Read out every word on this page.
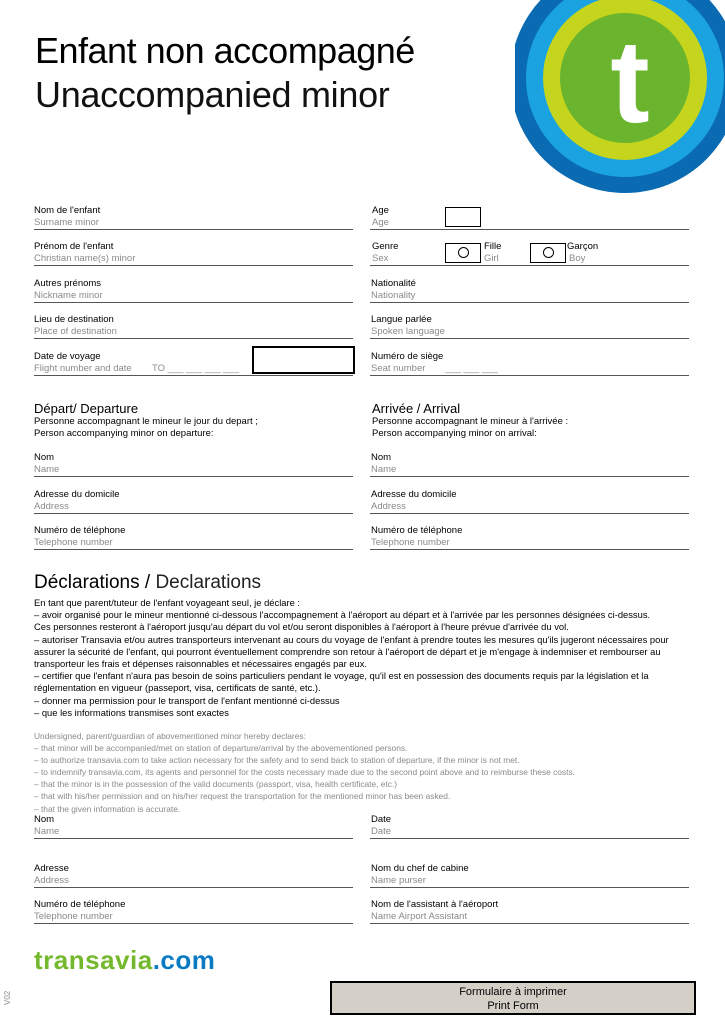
t
Enfant non accompagné
Unaccompanied minor
Nom de l'enfant
Surname minor
Age
Age
Prénom de l'enfant
Christian name(s) minor
Genre
Sex
Fille
Girl
Garçon
Boy
Autres prénoms
Nickname minor
Nationalité
Nationality
Lieu de destination
Place of destination
Langue parlée
Spoken language
Date de voyage
Flight number and date TO ___ ___ ___ ___
Numéro de siège
Seat number	___ ___ ___
Départ/ Departure
Personne accompagnant le mineur le jour du depart ;
Person accompanying minor on departure:
Arrivée / Arrival
Personne accompagnant le mineur à l'arrivée :
Person accompanying minor on arrival:
Nom
Name
Adresse du domicile
Address
Numéro de téléphone
Telephone number
Nom
Name
Adresse du domicile
Address
Numéro de téléphone
Telephone number
Déclarations / Declarations

En tant que parent/tuteur de l'enfant voyageant seul, je déclare :

– avoir organisé pour le mineur mentionné ci-dessous l'accompagnement à l'aéroport au départ et à l'arrivée par les personnes désignées ci-dessus.

Ces personnes resteront à l'aéroport jusqu'au départ du vol et/ou seront disponibles à l'aéroport à l'heure prévue d'arrivée du vol.

– autoriser Transavia et/ou autres transporteurs intervenant au cours du voyage de l'enfant à prendre toutes les mesures qu'ils jugeront nécessaires pour

assurer la sécurité de l'enfant, qui pourront éventuellement comprendre son retour à l'aéroport de départ et je m'engage à indemniser et rembourser au

transporteur les frais et dépenses raisonnables et nécessaires engagés par eux.

– certifier que l'enfant n'aura pas besoin de soins particuliers pendant le voyage, qu'il est en possession des documents requis par la législation et la

réglementation en vigueur (passeport, visa, certificats de santé, etc.).

– donner ma permission pour le transport de l'enfant mentionné ci-dessus

– que les informations transmises sont exactes

Undersigned, parent/guardian of abovementioned minor hereby declares:

– that minor will be accompanied/met on station of departure/arrival by the abovementioned persons.

– to authorize transavia.com to take action necessary for the safety and to send back to station of departure, if the minor is not met.

– to indemnify transavia.com, its agents and personnel for the costs necessary made due to the second point above and to reimburse these costs.

– that the minor is in the possession of the valid documents (passport, visa, health certificate, etc.)

– that with his/her permission and on his/her request the transportation for the mentioned minor has been asked.

– that the given information is accurate.

Nom
Name
Date
Date
Adresse
Address
Nom du chef de cabine
Name purser
Numéro de téléphone
Telephone number
Nom de l'assistant à l'aéroport
Name Airport Assistant
transavia.com
V02	Formulaire à imprimer
Print Form
